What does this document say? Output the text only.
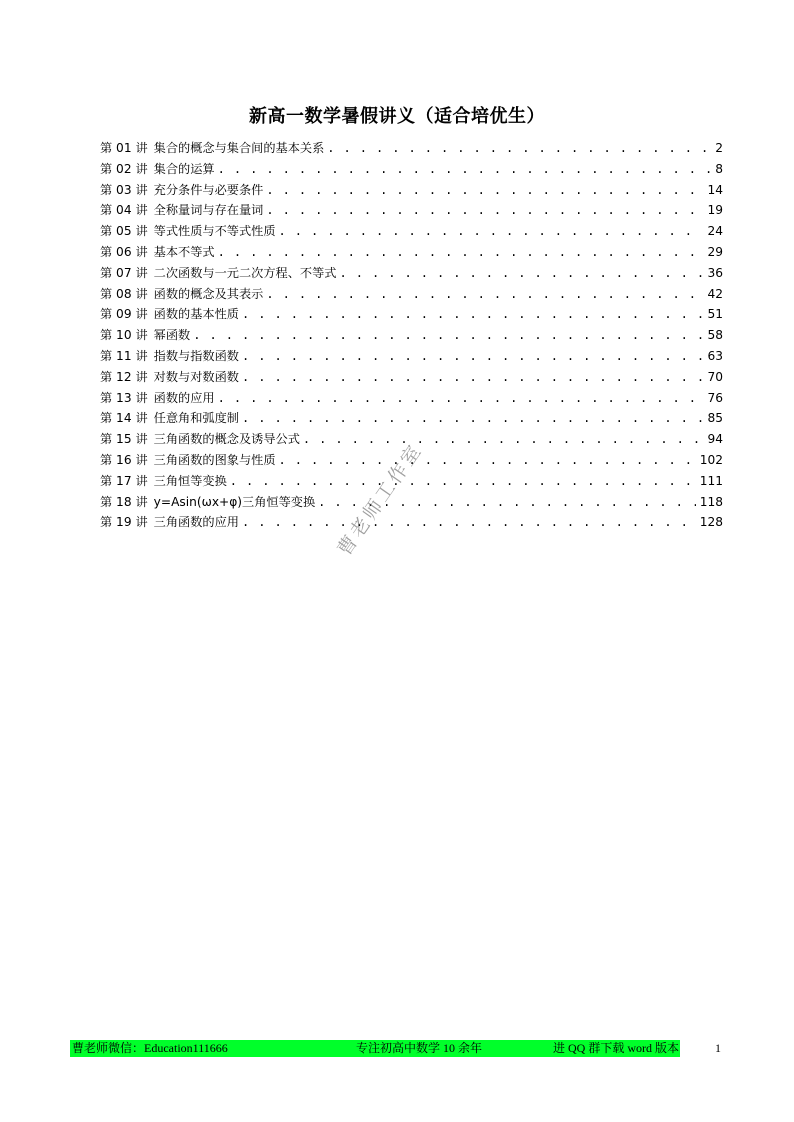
新高一数学暑假讲义（适合培优生）
第 01 讲 集合的概念与集合间的基本关系 . . .	2
第 02 讲 集合的运算 . . .	8
第 03 讲 充分条件与必要条件 . . .	14
第 04 讲 全称量词与存在量词 . . .	19
第 05 讲 等式性质与不等式性质 . . .	24
第 06 讲 基本不等式 . . .	29
第 07 讲 二次函数与一元二次方程、不等式 . . .	36
第 08 讲 函数的概念及其表示 . . .	42
第 09 讲 函数的基本性质 . . .	51
第 10 讲 幂函数 . . .	58
第 11 讲 指数与指数函数 . . .	63
第 12 讲 对数与对数函数 . . .	70
第 13 讲 函数的应用 . . .	76
第 14 讲 任意角和弧度制 . . .	85
第 15 讲 三角函数的概念及诱导公式 . . .	94
第 16 讲 三角函数的图象与性质 . . .	102
第 17 讲 三角恒等变换 . . .	111
第 18 讲 y=Asin(ωx+φ)三角恒等变换 . . .	118
第 19 讲 三角函数的应用 . . .	128
曹老师工作室
曹老师微信：Education111666	专注初高中数学 10 余年	进 QQ 群下载 word 版本	1
